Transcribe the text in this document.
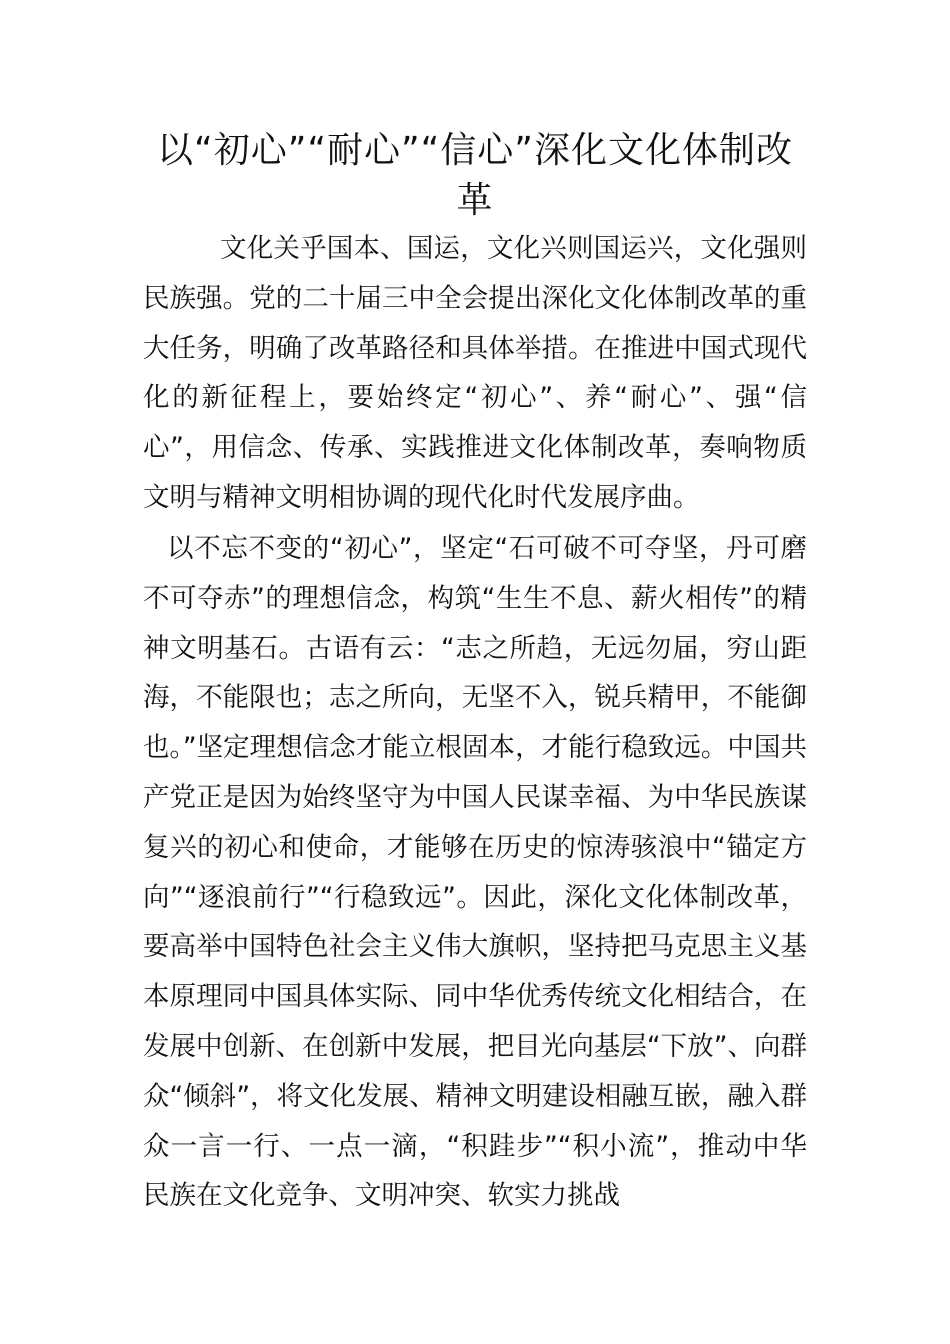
以“初心”“耐心”“信心”深化文化体制改革

文化关乎国本、国运，文化兴则国运兴，文化强则民族强。党的二十届三中全会提出深化文化体制改革的重大任务，明确了改革路径和具体举措。在推进中国式现代化的新征程上，要始终定“初心”、养“耐心”、强“信心”，用信念、传承、实践推进文化体制改革，奏响物质文明与精神文明相协调的现代化时代发展序曲。

以不忘不变的“初心”，坚定“石可破不可夺坚，丹可磨不可夺赤”的理想信念，构筑“生生不息、薪火相传”的精神文明基石。古语有云：“志之所趋，无远勿届，穷山距海，不能限也；志之所向，无坚不入，锐兵精甲，不能御也。”坚定理想信念才能立根固本，才能行稳致远。中国共产党正是因为始终坚守为中国人民谋幸福、为中华民族谋复兴的初心和使命，才能够在历史的惊涛骇浪中“锚定方向”“逐浪前行”“行稳致远”。因此，深化文化体制改革，要高举中国特色社会主义伟大旗帜，坚持把马克思主义基本原理同中国具体实际、同中华优秀传统文化相结合，在发展中创新、在创新中发展，把目光向基层“下放”、向群众“倾斜”，将文化发展、精神文明建设相融互嵌，融入群众一言一行、一点一滴，“积跬步”“积小流”，推动中华民族在文化竞争、文明冲突、软实力挑战
